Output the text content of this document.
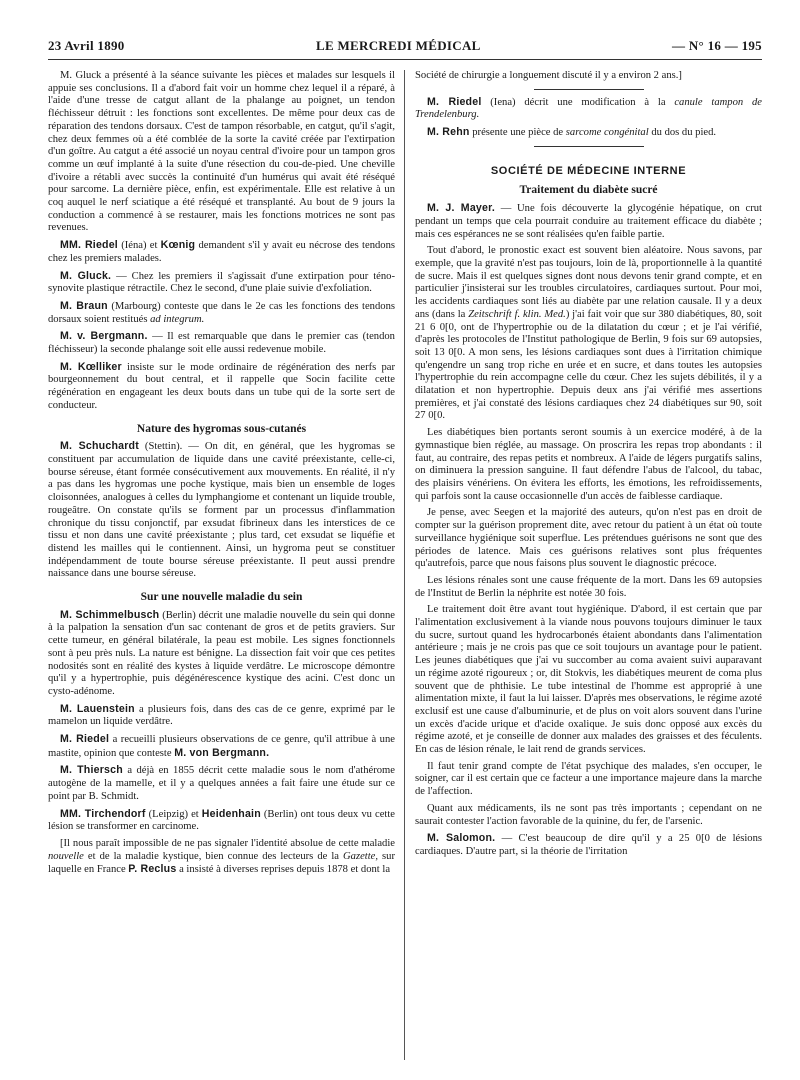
23 Avril 1890	LE MERCREDI MÉDICAL	— N° 16 — 195

M. Gluck a présenté à la séance suivante les pièces et malades sur lesquels il appuie ses conclusions. Il a d'abord fait voir un homme chez lequel il a réparé, à l'aide d'une tresse de catgut allant de la phalange au poignet, un tendon fléchisseur détruit : les fonctions sont excellentes. De même pour deux cas de réparation des tendons dorsaux. C'est de tampon résorbable, en catgut, qu'il s'agit, chez deux femmes où a été comblée de la sorte la cavité créée par l'extirpation d'un goître. Au catgut a été associé un noyau central d'ivoire pour un tampon gros comme un œuf implanté à la suite d'une résection du cou-de-pied. Une cheville d'ivoire a rétabli avec succès la continuité d'un humérus qui avait été réséqué pour sarcome. La dernière pièce, enfin, est expérimentale. Elle est relative à un coq auquel le nerf sciatique a été réséqué et transplanté. Au bout de 9 jours la conduction a commencé à se restaurer, mais les fonctions motrices ne sont pas revenues.

MM. Riedel (Iéna) et Kœnig demandent s'il y avait eu nécrose des tendons chez les premiers malades.

M. Gluck. — Chez les premiers il s'agissait d'une extirpation pour téno-synovite plastique rétractile. Chez le second, d'une plaie suivie d'exfoliation.

M. Braun (Marbourg) conteste que dans le 2e cas les fonctions des tendons dorsaux soient restitués ad integrum.

M. v. Bergmann. — Il est remarquable que dans le premier cas (tendon fléchisseur) la seconde phalange soit elle aussi redevenue mobile.

M. Kœlliker insiste sur le mode ordinaire de régénération des nerfs par bourgeonnement du bout central, et il rappelle que Socin facilite cette régénération en engageant les deux bouts dans un tube qui de la sorte sert de conducteur.

Nature des hygromas sous-cutanés

M. Schuchardt (Stettin). — On dit, en général, que les hygromas se constituent par accumulation de liquide dans une cavité préexistante, celle-ci, bourse séreuse, étant formée consécutivement aux mouvements. En réalité, il n'y a pas dans les hygromas une poche kystique, mais bien un ensemble de loges cloisonnées, analogues à celles du lymphangiome et contenant un liquide trouble, rougeâtre. On constate qu'ils se forment par un processus d'inflammation chronique du tissu conjonctif, par exsudat fibrineux dans les interstices de ce tissu et non dans une cavité préexistante ; plus tard, cet exsudat se liquéfie et distend les mailles qui le contiennent. Ainsi, un hygroma peut se constituer indépendamment de toute bourse séreuse préexistante. Il peut aussi prendre naissance dans une bourse séreuse.

Sur une nouvelle maladie du sein

M. Schimmelbusch (Berlin) décrit une maladie nouvelle du sein qui donne à la palpation la sensation d'un sac contenant de gros et de petits graviers. Sur cette tumeur, en général bilatérale, la peau est mobile. Les signes fonctionnels sont à peu près nuls. La nature est bénigne. La dissection fait voir que ces petites nodosités sont en réalité des kystes à liquide verdâtre. Le microscope démontre qu'il y a hypertrophie, puis dégénérescence kystique des acini. C'est donc un cysto-adénome.

M. Lauenstein a plusieurs fois, dans des cas de ce genre, exprimé par le mamelon un liquide verdâtre.

M. Riedel a recueilli plusieurs observations de ce genre, qu'il attribue à une mastite, opinion que conteste M. von Bergmann.

M. Thiersch a déjà en 1855 décrit cette maladie sous le nom d'athérome autogène de la mamelle, et il y a quelques années a fait faire une étude sur ce point par B. Schmidt.

MM. Tirchendorf (Leipzig) et Heidenhain (Berlin) ont tous deux vu cette lésion se transformer en carcinome.

[Il nous paraît impossible de ne pas signaler l'identité absolue de cette maladie nouvelle et de la maladie kystique, bien connue des lecteurs de la Gazette, sur laquelle en France P. Reclus a insisté à diverses reprises depuis 1878 et dont la

Société de chirurgie a longuement discuté il y a environ 2 ans.]

M. Riedel (Iena) décrit une modification à la canule tampon de Trendelenburg.

M. Rehn présente une pièce de sarcome congénital du dos du pied.

SOCIÉTÉ DE MÉDECINE INTERNE
Traitement du diabète sucré

M. J. Mayer. — Une fois découverte la glycogénie hépatique, on crut pendant un temps que cela pourrait conduire au traitement efficace du diabète ; mais ces espérances ne se sont réalisées qu'en faible partie.

Tout d'abord, le pronostic exact est souvent bien aléatoire. Nous savons, par exemple, que la gravité n'est pas toujours, loin de là, proportionnelle à la quantité de sucre. Mais il est quelques signes dont nous devons tenir grand compte, et en particulier j'insisterai sur les troubles circulatoires, cardiaques surtout. Pour moi, les accidents cardiaques sont liés au diabète par une relation causale. Il y a deux ans (dans la Zeitschrift f. klin. Med.) j'ai fait voir que sur 380 diabétiques, 80, soit 21 6 0[0, ont de l'hypertrophie ou de la dilatation du cœur ; et je l'ai vérifié, d'après les protocoles de l'Institut pathologique de Berlin, 9 fois sur 69 autopsies, soit 13 0[0. A mon sens, les lésions cardiaques sont dues à l'irritation chimique qu'engendre un sang trop riche en urée et en sucre, et dans toutes les autopsies l'hypertrophie du rein accompagne celle du cœur. Chez les sujets débilités, il y a dilatation et non hypertrophie. Depuis deux ans j'ai vérifié mes assertions premières, et j'ai constaté des lésions cardiaques chez 24 diabétiques sur 90, soit 27 0[0.

Les diabétiques bien portants seront soumis à un exercice modéré, à de la gymnastique bien réglée, au massage. On proscrira les repas trop abondants : il faut, au contraire, des repas petits et nombreux. A l'aide de légers purgatifs salins, on diminuera la pression sanguine. Il faut défendre l'abus de l'alcool, du tabac, des plaisirs vénériens. On évitera les efforts, les émotions, les refroidissements, qui parfois sont la cause occasionnelle d'un accès de faiblesse cardiaque.

Je pense, avec Seegen et la majorité des auteurs, qu'on n'est pas en droit de compter sur la guérison proprement dite, avec retour du patient à un état où toute surveillance hygiénique soit superflue. Les prétendues guérisons ne sont que des périodes de latence. Mais ces guérisons relatives sont plus fréquentes qu'autrefois, parce que nous faisons plus souvent le diagnostic précoce.

Les lésions rénales sont une cause fréquente de la mort. Dans les 69 autopsies de l'Institut de Berlin la néphrite est notée 30 fois.

Le traitement doit être avant tout hygiénique. D'abord, il est certain que par l'alimentation exclusivement à la viande nous pouvons toujours diminuer le taux du sucre, surtout quand les hydrocarbonés étaient abondants dans l'alimentation antérieure ; mais je ne crois pas que ce soit toujours un avantage pour le patient. Les jeunes diabétiques que j'ai vu succomber au coma avaient suivi auparavant un régime azoté rigoureux ; or, dit Stokvis, les diabétiques meurent de coma plus souvent que de phthisie. Le tube intestinal de l'homme est approprié à une alimentation mixte, il faut la lui laisser. D'après mes observations, le régime azoté exclusif est une cause d'albuminurie, et de plus on voit alors souvent dans l'urine un excès d'acide urique et d'acide oxalique. Je suis donc opposé aux excès du régime azoté, et je conseille de donner aux malades des graisses et des féculents. En cas de lésion rénale, le lait rend de grands services.

Il faut tenir grand compte de l'état psychique des malades, s'en occuper, le soigner, car il est certain que ce facteur a une importance majeure dans la marche de l'affection.

Quant aux médicaments, ils ne sont pas très importants ; cependant on ne saurait contester l'action favorable de la quinine, du fer, de l'arsenic.

M. Salomon. — C'est beaucoup de dire qu'il y a 25 0[0 de lésions cardiaques. D'autre part, si la théorie de l'irritation
